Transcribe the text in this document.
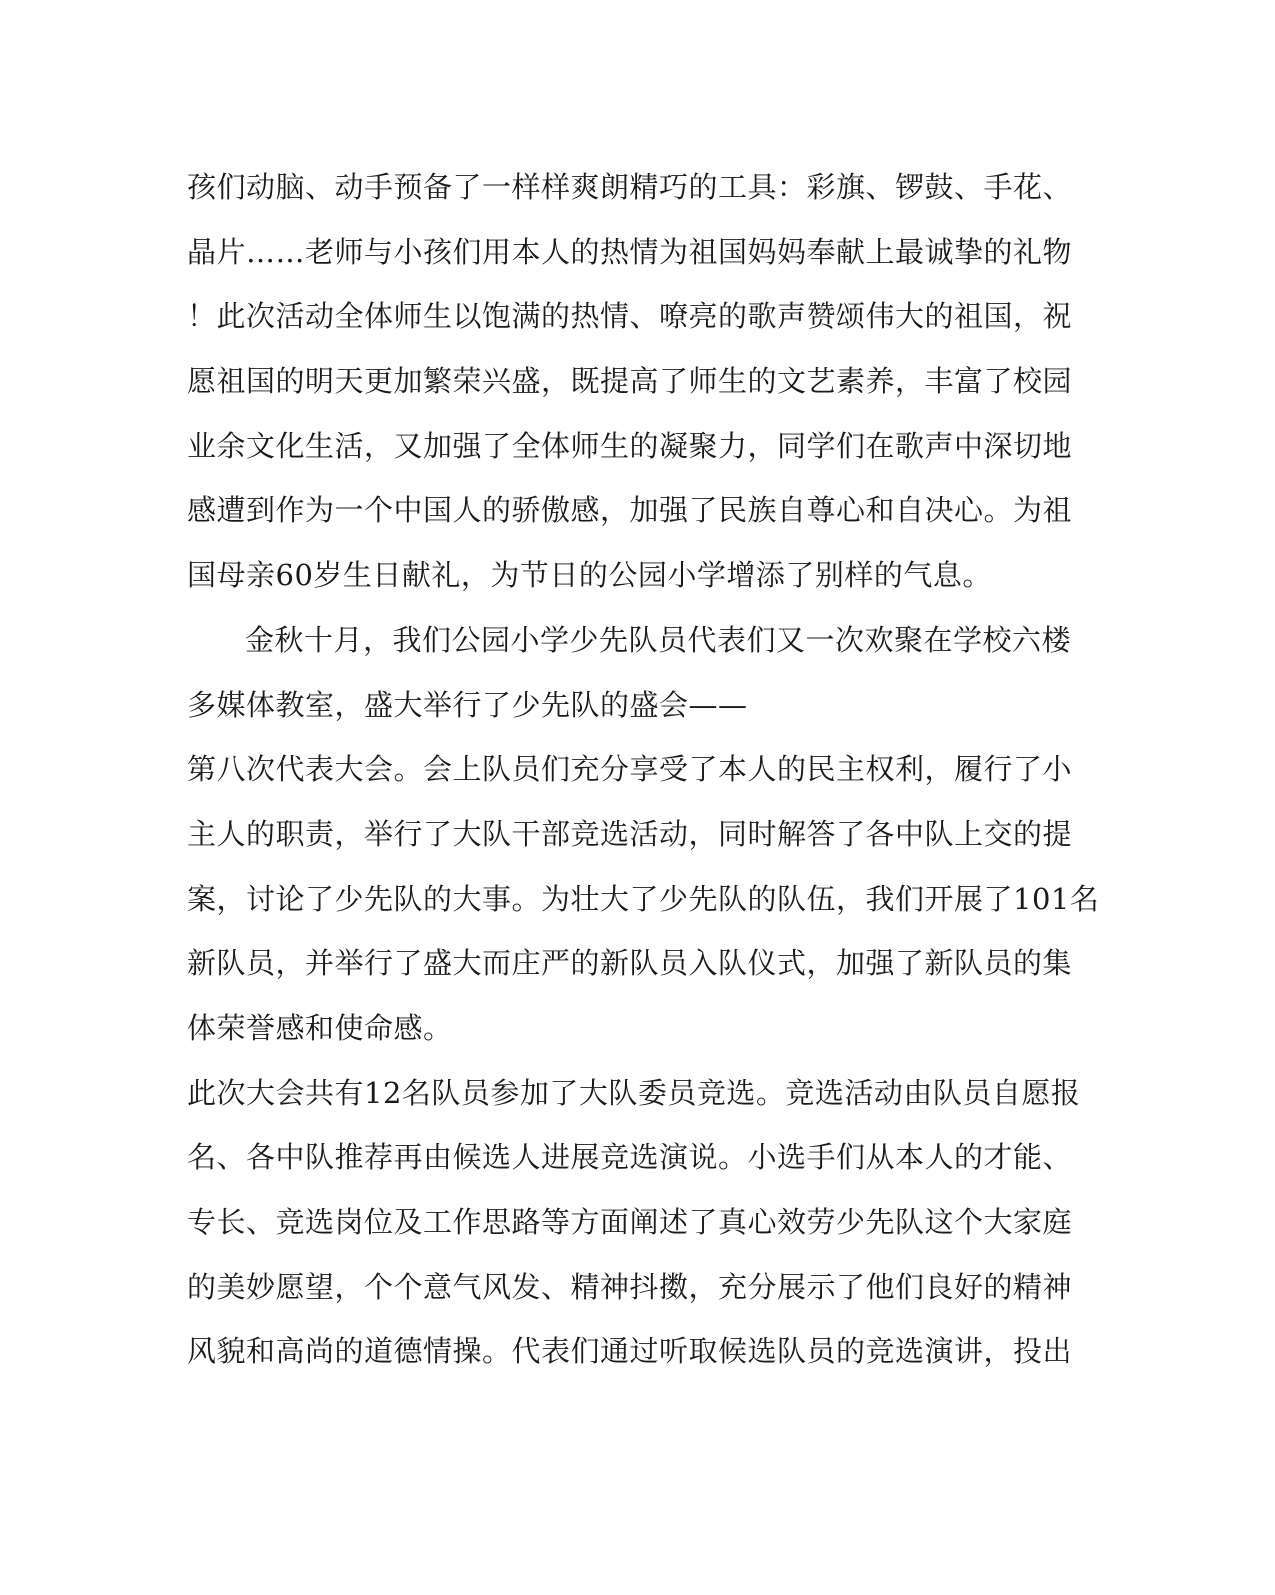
孩们动脑、动手预备了一样样爽朗精巧的工具：彩旗、锣鼓、手花、
晶片……老师与小孩们用本人的热情为祖国妈妈奉献上最诚挚的礼物
！此次活动全体师生以饱满的热情、嘹亮的歌声赞颂伟大的祖国，祝
愿祖国的明天更加繁荣兴盛，既提高了师生的文艺素养，丰富了校园
业余文化生活，又加强了全体师生的凝聚力，同学们在歌声中深切地
感遭到作为一个中国人的骄傲感，加强了民族自尊心和自决心。为祖
国母亲60岁生日献礼，为节日的公园小学增添了别样的气息。
金秋十月，我们公园小学少先队员代表们又一次欢聚在学校六楼
多媒体教室，盛大举行了少先队的盛会——
第八次代表大会。会上队员们充分享受了本人的民主权利，履行了小
主人的职责，举行了大队干部竞选活动，同时解答了各中队上交的提
案，讨论了少先队的大事。为壮大了少先队的队伍，我们开展了101名
新队员，并举行了盛大而庄严的新队员入队仪式，加强了新队员的集
体荣誉感和使命感。
此次大会共有12名队员参加了大队委员竞选。竞选活动由队员自愿报
名、各中队推荐再由候选人进展竞选演说。小选手们从本人的才能、
专长、竞选岗位及工作思路等方面阐述了真心效劳少先队这个大家庭
的美妙愿望，个个意气风发、精神抖擞，充分展示了他们良好的精神
风貌和高尚的道德情操。代表们通过听取候选队员的竞选演讲，投出
